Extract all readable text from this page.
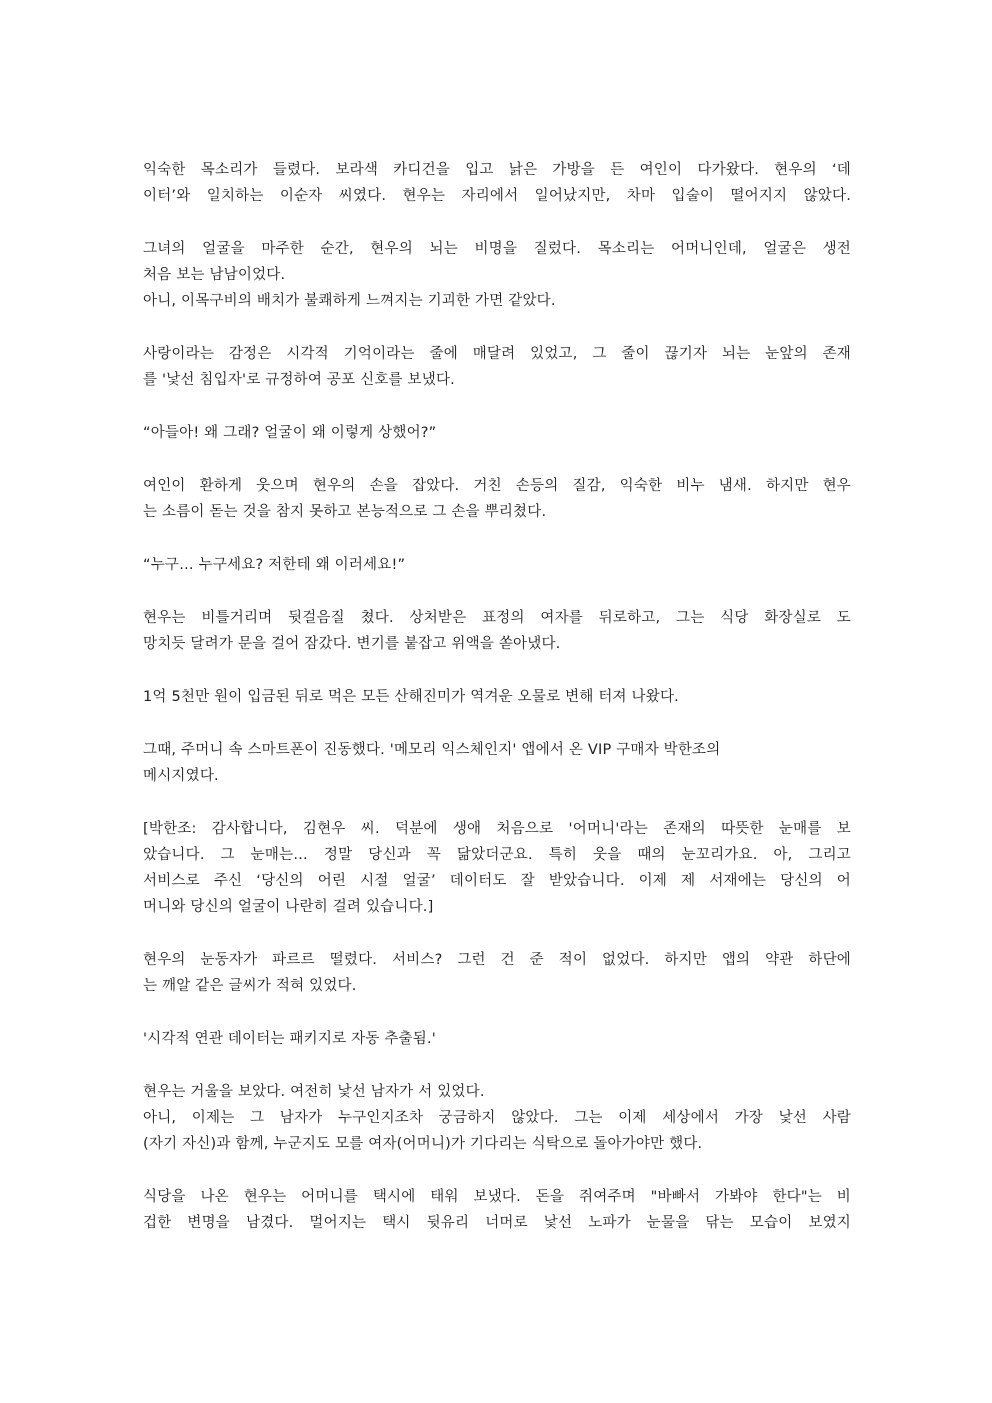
익숙한 목소리가 들렸다. 보라색 카디건을 입고 낡은 가방을 든 여인이 다가왔다. 현우의 ‘데
이터’와 일치하는 이순자 씨였다. 현우는 자리에서 일어났지만, 차마 입술이 떨어지지 않았다.
그녀의 얼굴을 마주한 순간, 현우의 뇌는 비명을 질렀다. 목소리는 어머니인데, 얼굴은 생전
처음 보는 남남이었다.
아니, 이목구비의 배치가 불쾌하게 느껴지는 기괴한 가면 같았다.
사랑이라는 감정은 시각적 기억이라는 줄에 매달려 있었고, 그 줄이 끊기자 뇌는 눈앞의 존재
를 '낯선 침입자'로 규정하여 공포 신호를 보냈다.
“아들아! 왜 그래? 얼굴이 왜 이렇게 상했어?”
여인이 환하게 웃으며 현우의 손을 잡았다. 거친 손등의 질감, 익숙한 비누 냄새. 하지만 현우
는 소름이 돋는 것을 참지 못하고 본능적으로 그 손을 뿌리쳤다.
“누구… 누구세요? 저한테 왜 이러세요!”
현우는 비틀거리며 뒷걸음질 쳤다. 상처받은 표정의 여자를 뒤로하고, 그는 식당 화장실로 도
망치듯 달려가 문을 걸어 잠갔다. 변기를 붙잡고 위액을 쏟아냈다.
1억 5천만 원이 입금된 뒤로 먹은 모든 산해진미가 역겨운 오물로 변해 터져 나왔다.
그때, 주머니 속 스마트폰이 진동했다. '메모리 익스체인지' 앱에서 온 VIP 구매자 박한조의
메시지였다.
[박한조: 감사합니다, 김현우 씨. 덕분에 생애 처음으로 '어머니'라는 존재의 따뜻한 눈매를 보
았습니다. 그 눈매는… 정말 당신과 꼭 닮았더군요. 특히 웃을 때의 눈꼬리가요. 아, 그리고
서비스로 주신 ‘당신의 어린 시절 얼굴’ 데이터도 잘 받았습니다. 이제 제 서재에는 당신의 어
머니와 당신의 얼굴이 나란히 걸려 있습니다.]
현우의 눈동자가 파르르 떨렸다. 서비스? 그런 건 준 적이 없었다. 하지만 앱의 약관 하단에
는 깨알 같은 글씨가 적혀 있었다.
'시각적 연관 데이터는 패키지로 자동 추출됨.'
현우는 거울을 보았다. 여전히 낯선 남자가 서 있었다.
아니, 이제는 그 남자가 누구인지조차 궁금하지 않았다. 그는 이제 세상에서 가장 낯선 사람
(자기 자신)과 함께, 누군지도 모를 여자(어머니)가 기다리는 식탁으로 돌아가야만 했다.
식당을 나온 현우는 어머니를 택시에 태워 보냈다. 돈을 쥐여주며 "바빠서 가봐야 한다"는 비
겁한 변명을 남겼다. 멀어지는 택시 뒷유리 너머로 낯선 노파가 눈물을 닦는 모습이 보였지
